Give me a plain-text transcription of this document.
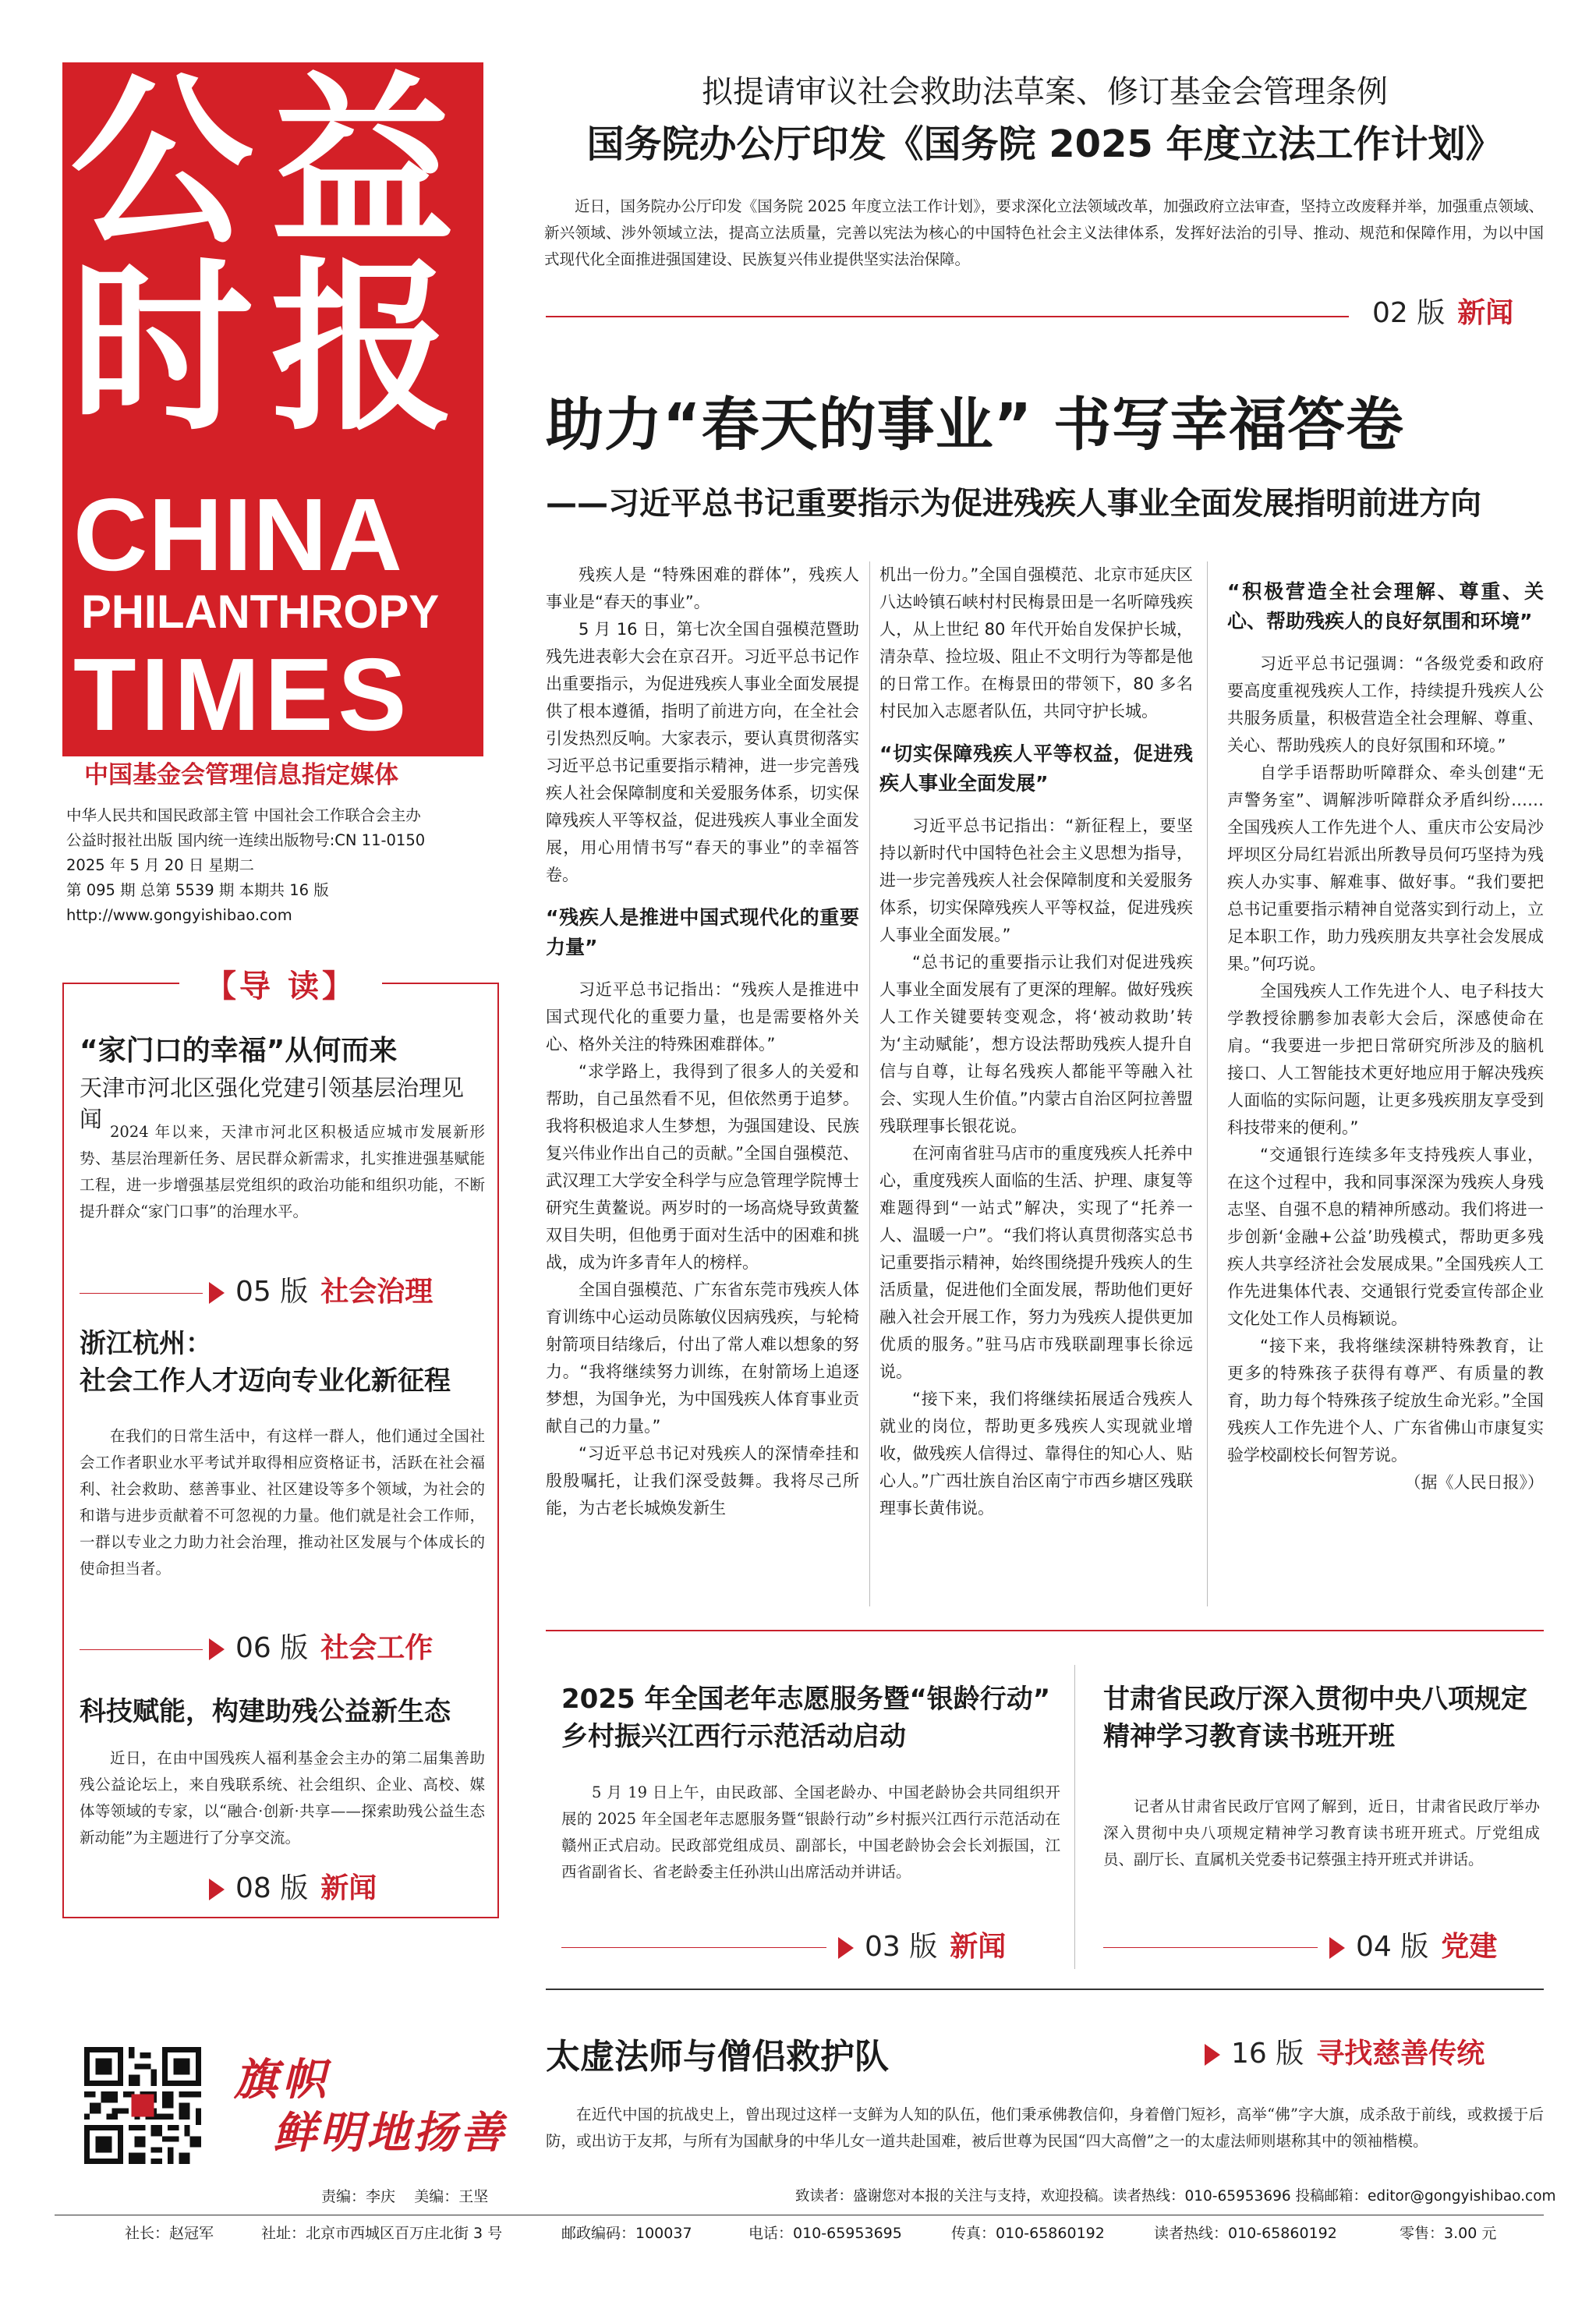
公益
时报
CHINA
PHILANTHROPY
TIMES
中国基金会管理信息指定媒体
中华人民共和国民政部主管 中国社会工作联合会主办
公益时报社出版 国内统一连续出版物号:CN 11-0150
2025 年 5 月 20 日 星期二
第 095 期 总第 5539 期 本期共 16 版
http://www.gongyishibao.com
拟提请审议社会救助法草案、修订基金会管理条例
国务院办公厅印发《国务院 2025 年度立法工作计划》
近日，国务院办公厅印发《国务院 2025 年度立法工作计划》，要求深化立法领域改革，加强政府立法审查，坚持立改废释并举，加强重点领域、新兴领域、涉外领域立法，提高立法质量，完善以宪法为核心的中国特色社会主义法律体系，发挥好法治的引导、推动、规范和保障作用，为以中国式现代化全面推进强国建设、民族复兴伟业提供坚实法治保障。
02 版 新闻
助力“春天的事业” 书写幸福答卷
——习近平总书记重要指示为促进残疾人事业全面发展指明前进方向

残疾人是 “特殊困难的群体”，残疾人事业是“春天的事业”。

5 月 16 日，第七次全国自强模范暨助残先进表彰大会在京召开。习近平总书记作出重要指示，为促进残疾人事业全面发展提供了根本遵循，指明了前进方向，在全社会引发热烈反响。大家表示，要认真贯彻落实习近平总书记重要指示精神，进一步完善残疾人社会保障制度和关爱服务体系，切实保障残疾人平等权益，促进残疾人事业全面发展，用心用情书写“春天的事业”的幸福答卷。

“残疾人是推进中国式现代化的重要力量”

习近平总书记指出：“残疾人是推进中国式现代化的重要力量，也是需要格外关心、格外关注的特殊困难群体。”

“求学路上，我得到了很多人的关爱和帮助，自己虽然看不见，但依然勇于追梦。我将积极追求人生梦想，为强国建设、民族复兴伟业作出自己的贡献。”全国自强模范、武汉理工大学安全科学与应急管理学院博士研究生黄鳌说。两岁时的一场高烧导致黄鳌双目失明，但他勇于面对生活中的困难和挑战，成为许多青年人的榜样。

全国自强模范、广东省东莞市残疾人体育训练中心运动员陈敏仪因病残疾，与轮椅射箭项目结缘后，付出了常人难以想象的努力。“我将继续努力训练，在射箭场上追逐梦想，为国争光，为中国残疾人体育事业贡献自己的力量。”

“习近平总书记对残疾人的深情牵挂和殷殷嘱托，让我们深受鼓舞。我将尽己所能，为古老长城焕发新生

机出一份力。”全国自强模范、北京市延庆区八达岭镇石峡村村民梅景田是一名听障残疾人，从上世纪 80 年代开始自发保护长城，清杂草、捡垃圾、阻止不文明行为等都是他的日常工作。在梅景田的带领下，80 多名村民加入志愿者队伍，共同守护长城。

“切实保障残疾人平等权益，促进残疾人事业全面发展”

习近平总书记指出：“新征程上，要坚持以新时代中国特色社会主义思想为指导，进一步完善残疾人社会保障制度和关爱服务体系，切实保障残疾人平等权益，促进残疾人事业全面发展。”

“总书记的重要指示让我们对促进残疾人事业全面发展有了更深的理解。做好残疾人工作关键要转变观念，将‘被动救助’转为‘主动赋能’，想方设法帮助残疾人提升自信与自尊，让每名残疾人都能平等融入社会、实现人生价值。”内蒙古自治区阿拉善盟残联理事长银花说。

在河南省驻马店市的重度残疾人托养中心，重度残疾人面临的生活、护理、康复等难题得到“一站式”解决，实现了“托养一人、温暖一户”。“我们将认真贯彻落实总书记重要指示精神，始终围绕提升残疾人的生活质量，促进他们全面发展，帮助他们更好融入社会开展工作，努力为残疾人提供更加优质的服务。”驻马店市残联副理事长徐远说。

“接下来，我们将继续拓展适合残疾人就业的岗位，帮助更多残疾人实现就业增收，做残疾人信得过、靠得住的知心人、贴心人。”广西壮族自治区南宁市西乡塘区残联理事长黄伟说。

“积极营造全社会理解、尊重、关心、帮助残疾人的良好氛围和环境”

习近平总书记强调：“各级党委和政府要高度重视残疾人工作，持续提升残疾人公共服务质量，积极营造全社会理解、尊重、关心、帮助残疾人的良好氛围和环境。”

自学手语帮助听障群众、牵头创建“无声警务室”、调解涉听障群众矛盾纠纷……全国残疾人工作先进个人、重庆市公安局沙坪坝区分局红岩派出所教导员何巧坚持为残疾人办实事、解难事、做好事。“我们要把总书记重要指示精神自觉落实到行动上，立足本职工作，助力残疾朋友共享社会发展成果。”何巧说。

全国残疾人工作先进个人、电子科技大学教授徐鹏参加表彰大会后，深感使命在肩。“我要进一步把日常研究所涉及的脑机接口、人工智能技术更好地应用于解决残疾人面临的实际问题，让更多残疾朋友享受到科技带来的便利。”

“交通银行连续多年支持残疾人事业，在这个过程中，我和同事深深为残疾人身残志坚、自强不息的精神所感动。我们将进一步创新‘金融+公益’助残模式，帮助更多残疾人共享经济社会发展成果。”全国残疾人工作先进集体代表、交通银行党委宣传部企业文化处工作人员梅颖说。

“接下来，我将继续深耕特殊教育，让更多的特殊孩子获得有尊严、有质量的教育，助力每个特殊孩子绽放生命光彩。”全国残疾人工作先进个人、广东省佛山市康复实验学校副校长何智芳说。

（据《人民日报》）
【导 读】
“家门口的幸福”从何而来
天津市河北区强化党建引领基层治理见闻 2024 年以来，天津市河北区积极适应城市发展新形势、基层治理新任务、居民群众新需求，扎实推进强基赋能工程，进一步增强基层党组织的政治功能和组织功能，不断提升群众“家门口事”的治理水平。
05 版 社会治理
浙江杭州：
社会工作人才迈向专业化新征程
在我们的日常生活中，有这样一群人，他们通过全国社会工作者职业水平考试并取得相应资格证书，活跃在社会福利、社会救助、慈善事业、社区建设等多个领域，为社会的和谐与进步贡献着不可忽视的力量。他们就是社会工作师，一群以专业之力助力社会治理，推动社区发展与个体成长的使命担当者。
06 版 社会工作
科技赋能，构建助残公益新生态
近日，在由中国残疾人福利基金会主办的第二届集善助残公益论坛上，来自残联系统、社会组织、企业、高校、媒体等领域的专家，以“融合·创新·共享——探索助残公益生态新动能”为主题进行了分享交流。
08 版 新闻
2025 年全国老年志愿服务暨“银龄行动”
乡村振兴江西行示范活动启动
5 月 19 日上午，由民政部、全国老龄办、中国老龄协会共同组织开展的 2025 年全国老年志愿服务暨“银龄行动”乡村振兴江西行示范活动在赣州正式启动。民政部党组成员、副部长，中国老龄协会会长刘振国，江西省副省长、省老龄委主任孙洪山出席活动并讲话。
03 版 新闻
甘肃省民政厅深入贯彻中央八项规定
精神学习教育读书班开班
记者从甘肃省民政厅官网了解到，近日，甘肃省民政厅举办深入贯彻中央八项规定精神学习教育读书班开班式。厅党组成员、副厅长、直属机关党委书记蔡强主持开班式并讲话。
04 版 党建
太虚法师与僧侣救护队	16 版 寻找慈善传统
在近代中国的抗战史上，曾出现过这样一支鲜为人知的队伍，他们秉承佛教信仰，身着僧门短衫，高举“佛”字大旗，成杀敌于前线，或救援于后防，或出访于友邦，与所有为国献身的中华儿女一道共赴国难，被后世尊为民国“四大高僧”之一的太虚法师则堪称其中的领袖楷模。
旗帜
鲜明地扬善
责编：李庆 美编：王坚	致读者：盛谢您对本报的关注与支持，欢迎投稿。读者热线：010-65953696 投稿邮箱：editor@gongyishibao.com
社长：赵冠军	社址：北京市西城区百万庄北街 3 号	邮政编码：100037	电话：010-65953695	传真：010-65860192	读者热线：010-65860192	零售：3.00 元
